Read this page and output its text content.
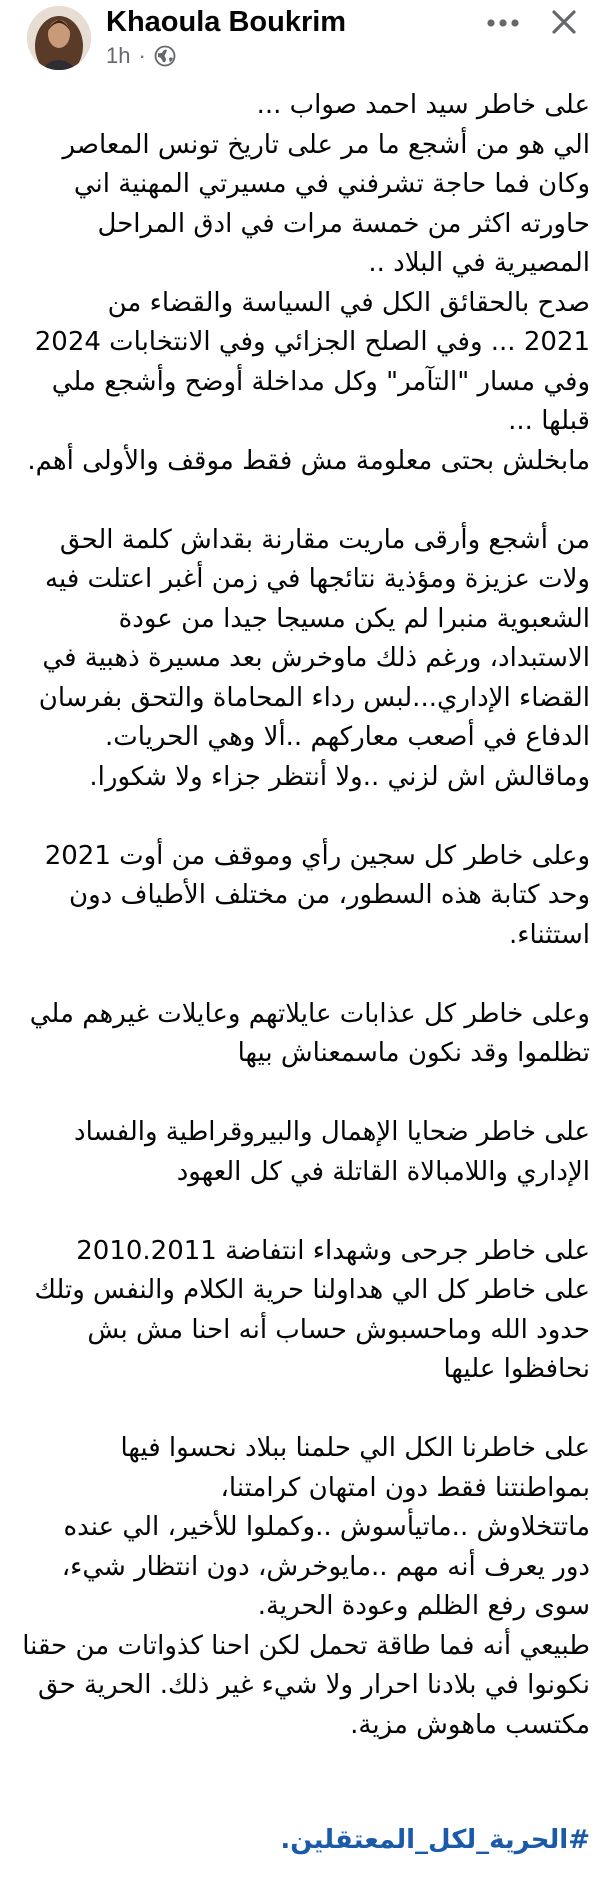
Khaoula Boukrim
1h ·

على خاطر سيد احمد صواب ...
الي هو من أشجع ما مر على تاريخ تونس المعاصر
وكان فما حاجة تشرفني في مسيرتي المهنية اني
حاورته اكثر من خمسة مرات في ادق المراحل
المصيرية في البلاد ..
صدح بالحقائق الكل في السياسة والقضاء من
2021 ... وفي الصلح الجزائي وفي الانتخابات 2024
وفي مسار "التآمر" وكل مداخلة أوضح وأشجع ملي
قبلها ...
مابخلش بحتى معلومة مش فقط موقف والأولى أهم.

من أشجع وأرقى ماريت مقارنة بقداش كلمة الحق
ولات عزيزة ومؤذية نتائجها في زمن أغبر اعتلت فيه
الشعبوية منبرا لم يكن مسيجا جيدا من عودة
الاستبداد، ورغم ذلك ماوخرش بعد مسيرة ذهبية في
القضاء الإداري...لبس رداء المحاماة والتحق بفرسان
الدفاع في أصعب معاركهم ..ألا وهي الحريات.
وماقالش اش لزني ..ولا أنتظر جزاء ولا شكورا.

وعلى خاطر كل سجين رأي وموقف من أوت 2021
وحد كتابة هذه السطور، من مختلف الأطياف دون
استثناء.

وعلى خاطر كل عذابات عايلاتهم وعايلات غيرهم ملي
تظلموا وقد نكون ماسمعناش بيها

على خاطر ضحايا الإهمال والبيروقراطية والفساد
الإداري واللامبالاة القاتلة في كل العهود

على خاطر جرحى وشهداء انتفاضة 2010.2011
على خاطر كل الي هداولنا حرية الكلام والنفس وتلك
حدود الله وماحسبوش حساب أنه احنا مش بش
نحافظوا عليها

على خاطرنا الكل الي حلمنا ببلاد نحسوا فيها
بمواطنتنا فقط دون امتهان كرامتنا،
ماتتخلاوش ..ماتيأسوش ..وكملوا للأخير، الي عنده
دور يعرف أنه مهم ..مايوخرش، دون انتظار شيء،
سوى رفع الظلم وعودة الحرية.
طبيعي أنه فما طاقة تحمل لكن احنا كذواتات من حقنا
نكونوا في بلادنا احرار ولا شيء غير ذلك. الحرية حق
مكتسب ماهوش مزية.

#الحرية_لكل_المعتقلين.
